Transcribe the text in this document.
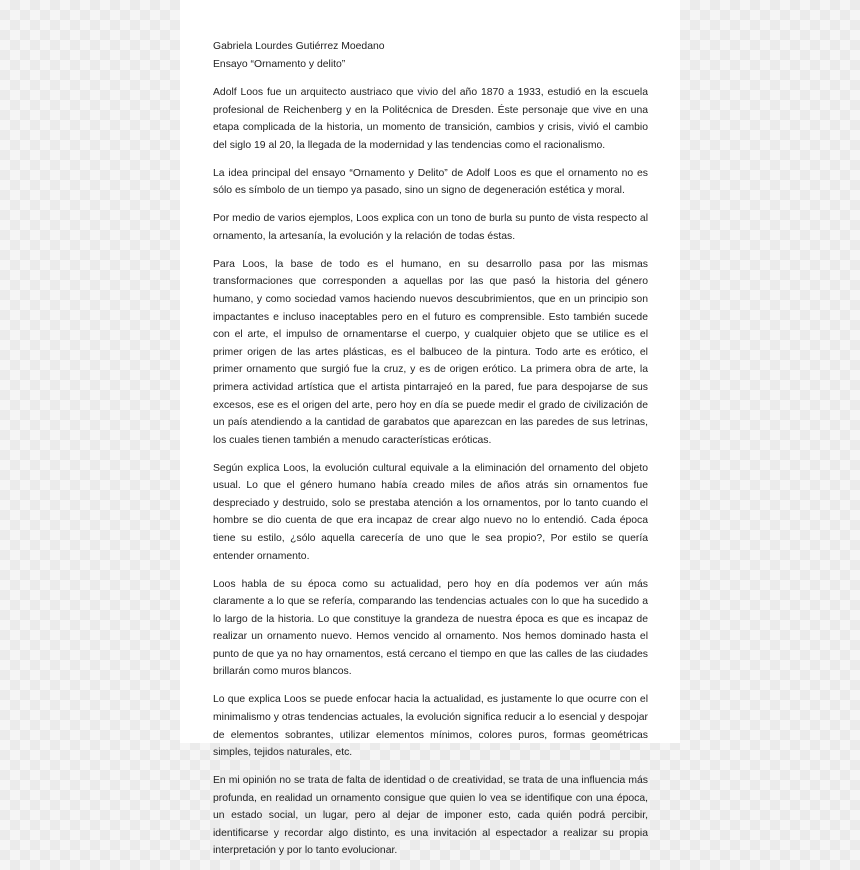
Gabriela Lourdes Gutiérrez Moedano

Ensayo “Ornamento y delito”

Adolf Loos fue un arquitecto austriaco que vivio del año 1870 a 1933, estudió en la escuela profesional de Reichenberg y en la Politécnica de Dresden. Éste personaje que vive en una etapa complicada de la historia, un momento de transición, cambios y crisis, vivió el cambio del siglo 19 al 20, la llegada de la modernidad y las tendencias como el racionalismo.

La idea principal del ensayo “Ornamento y Delito” de Adolf Loos es que el ornamento no es sólo es símbolo de un tiempo ya pasado, sino un signo de degeneración estética y moral.

Por medio de varios ejemplos, Loos explica con un tono de burla su punto de vista respecto al ornamento, la artesanía, la evolución y la relación de todas éstas.

Para Loos, la base de todo es el humano, en su desarrollo pasa por las mismas transformaciones que corresponden a aquellas por las que pasó la historia del género humano, y como sociedad vamos haciendo nuevos descubrimientos, que en un principio son impactantes e incluso inaceptables pero en el futuro es comprensible. Esto también sucede con el arte, el impulso de ornamentarse el cuerpo, y cualquier objeto que se utilice es el primer origen de las artes plásticas, es el balbuceo de la pintura. Todo arte es erótico, el primer ornamento que surgió fue la cruz, y es de origen erótico. La primera obra de arte, la primera actividad artística que el artista pintarrajeó en la pared, fue para despojarse de sus excesos, ese es el origen del arte, pero hoy en día se puede medir el grado de civilización de un país atendiendo a la cantidad de garabatos que aparezcan en las paredes de sus letrinas, los cuales tienen también a menudo características eróticas.

Según explica Loos, la evolución cultural equivale a la eliminación del ornamento del objeto usual. Lo que el género humano había creado miles de años atrás sin ornamentos fue despreciado y destruido, solo se prestaba atención a los ornamentos, por lo tanto cuando el hombre se dio cuenta de que era incapaz de crear algo nuevo no lo entendió. Cada época tiene su estilo, ¿sólo aquella carecería de uno que le sea propio?, Por estilo se quería entender ornamento.

Loos habla de su época como su actualidad, pero hoy en día podemos ver aún más claramente a lo que se refería, comparando las tendencias actuales con lo que ha sucedido a lo largo de la historia. Lo que constituye la grandeza de nuestra época es que es incapaz de realizar un ornamento nuevo. Hemos vencido al ornamento. Nos hemos dominado hasta el punto de que ya no hay ornamentos, está cercano el tiempo en que las calles de las ciudades brillarán como muros blancos.

Lo que explica Loos se puede enfocar hacia la actualidad, es justamente lo que ocurre con el minimalismo y otras tendencias actuales, la evolución significa reducir a lo esencial y despojar de elementos sobrantes, utilizar elementos mínimos, colores puros, formas geométricas simples, tejidos naturales, etc.

En mi opinión no se trata de falta de identidad o de creatividad, se trata de una influencia más profunda, en realidad un ornamento consigue que quien lo vea se identifique con una época, un estado social, un lugar, pero al dejar de imponer esto, cada quién podrá percibir, identificarse y recordar algo distinto, es una invitación al espectador a realizar su propia interpretación y por lo tanto evolucionar.
